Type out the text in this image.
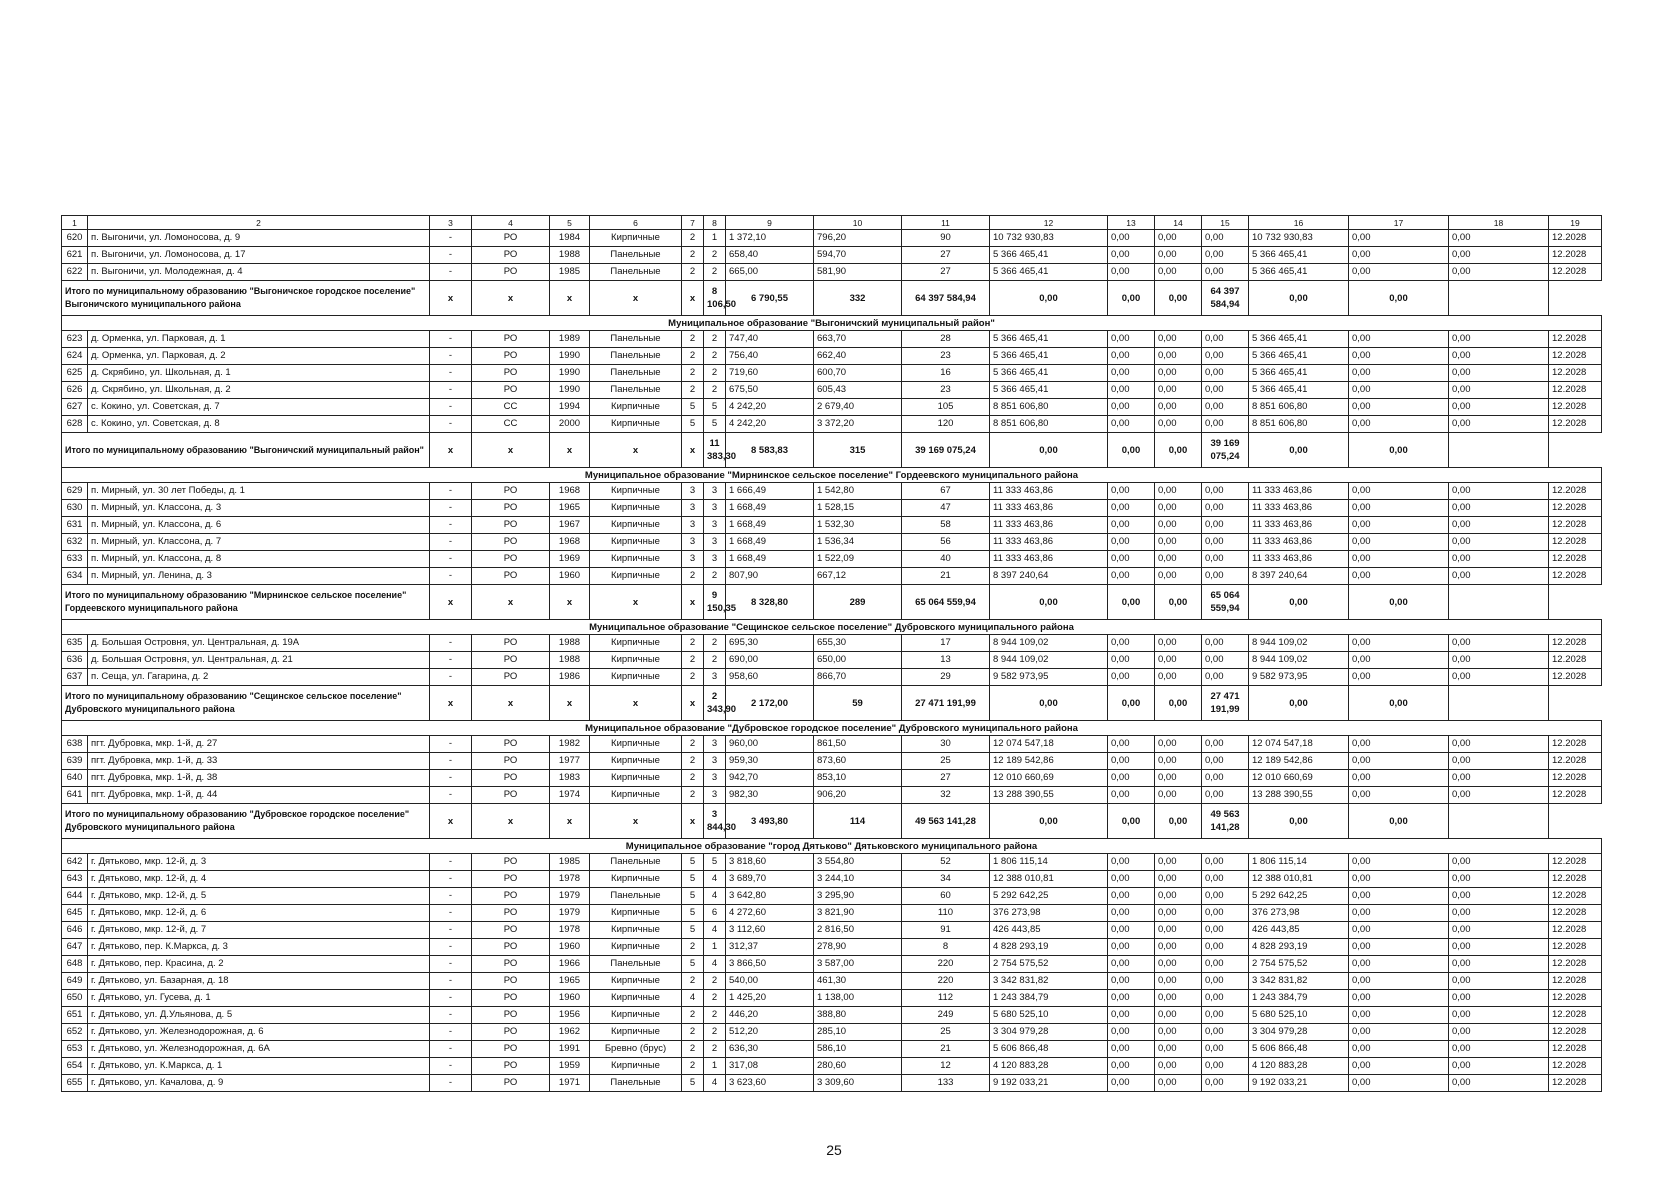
1	2	3	4	5	6	7	8	9	10	11	12	13	14	15	16	17	18	19
620	п. Выгоничи, ул. Ломоносова, д. 9	-	РО	1984	Кирпичные	2	1	1 372,10	796,20	90	10 732 930,83	0,00	0,00	0,00	10 732 930,83	0,00	0,00	12.2028
621	п. Выгоничи, ул. Ломоносова, д. 17	-	РО	1988	Панельные	2	2	658,40	594,70	27	5 366 465,41	0,00	0,00	0,00	5 366 465,41	0,00	0,00	12.2028
622	п. Выгоничи, ул. Молодежная, д. 4	-	РО	1985	Панельные	2	2	665,00	581,90	27	5 366 465,41	0,00	0,00	0,00	5 366 465,41	0,00	0,00	12.2028
Итого по муниципальному образованию "Выгоничское городское поселение" Выгоничского муниципального района		x	x	x	x	x	8 106,50	6 790,55	332	64 397 584,94	0,00	0,00	0,00	64 397 584,94	0,00	0,00		
Муниципальное образование "Выгоничский муниципальный район"																		
623	д. Орменка, ул. Парковая, д. 1	-	РО	1989	Панельные	2	2	747,40	663,70	28	5 366 465,41	0,00	0,00	0,00	5 366 465,41	0,00	0,00	12.2028
624	д. Орменка, ул. Парковая, д. 2	-	РО	1990	Панельные	2	2	756,40	662,40	23	5 366 465,41	0,00	0,00	0,00	5 366 465,41	0,00	0,00	12.2028
625	д. Скрябино, ул. Школьная, д. 1	-	РО	1990	Панельные	2	2	719,60	600,70	16	5 366 465,41	0,00	0,00	0,00	5 366 465,41	0,00	0,00	12.2028
626	д. Скрябино, ул. Школьная, д. 2	-	РО	1990	Панельные	2	2	675,50	605,43	23	5 366 465,41	0,00	0,00	0,00	5 366 465,41	0,00	0,00	12.2028
627	с. Кокино, ул. Советская, д. 7	-	СС	1994	Кирпичные	5	5	4 242,20	2 679,40	105	8 851 606,80	0,00	0,00	0,00	8 851 606,80	0,00	0,00	12.2028
628	с. Кокино, ул. Советская, д. 8	-	СС	2000	Кирпичные	5	5	4 242,20	3 372,20	120	8 851 606,80	0,00	0,00	0,00	8 851 606,80	0,00	0,00	12.2028
Итого по муниципальному образованию "Выгоничский муниципальный район"		x	x	x	x	x	11 383,30	8 583,83	315	39 169 075,24	0,00	0,00	0,00	39 169 075,24	0,00	0,00		
Муниципальное образование "Мирнинское сельское поселение" Гордеевского муниципального района																		
629	п. Мирный, ул. 30 лет Победы, д. 1	-	РО	1968	Кирпичные	3	3	1 666,49	1 542,80	67	11 333 463,86	0,00	0,00	0,00	11 333 463,86	0,00	0,00	12.2028
630	п. Мирный, ул. Классона, д. 3	-	РО	1965	Кирпичные	3	3	1 668,49	1 528,15	47	11 333 463,86	0,00	0,00	0,00	11 333 463,86	0,00	0,00	12.2028
631	п. Мирный, ул. Классона, д. 6	-	РО	1967	Кирпичные	3	3	1 668,49	1 532,30	58	11 333 463,86	0,00	0,00	0,00	11 333 463,86	0,00	0,00	12.2028
632	п. Мирный, ул. Классона, д. 7	-	РО	1968	Кирпичные	3	3	1 668,49	1 536,34	56	11 333 463,86	0,00	0,00	0,00	11 333 463,86	0,00	0,00	12.2028
633	п. Мирный, ул. Классона, д. 8	-	РО	1969	Кирпичные	3	3	1 668,49	1 522,09	40	11 333 463,86	0,00	0,00	0,00	11 333 463,86	0,00	0,00	12.2028
634	п. Мирный, ул. Ленина, д. 3	-	РО	1960	Кирпичные	2	2	807,90	667,12	21	8 397 240,64	0,00	0,00	0,00	8 397 240,64	0,00	0,00	12.2028
Итого по муниципальному образованию "Мирнинское сельское поселение" Гордеевского муниципального района		x	x	x	x	x	9 150,35	8 328,80	289	65 064 559,94	0,00	0,00	0,00	65 064 559,94	0,00	0,00		
Муниципальное образование "Сещинское сельское поселение" Дубровского муниципального района																		
635	д. Большая Островня, ул. Центральная, д. 19А	-	РО	1988	Кирпичные	2	2	695,30	655,30	17	8 944 109,02	0,00	0,00	0,00	8 944 109,02	0,00	0,00	12.2028
636	д. Большая Островня, ул. Центральная, д. 21	-	РО	1988	Кирпичные	2	2	690,00	650,00	13	8 944 109,02	0,00	0,00	0,00	8 944 109,02	0,00	0,00	12.2028
637	п. Сеща, ул. Гагарина, д. 2	-	РО	1986	Кирпичные	2	3	958,60	866,70	29	9 582 973,95	0,00	0,00	0,00	9 582 973,95	0,00	0,00	12.2028
Итого по муниципальному образованию "Сещинское сельское поселение" Дубровского муниципального района		x	x	x	x	x	2 343,90	2 172,00	59	27 471 191,99	0,00	0,00	0,00	27 471 191,99	0,00	0,00		
Муниципальное образование "Дубровское городское поселение" Дубровского муниципального района																		
638	пгт. Дубровка, мкр. 1-й, д. 27	-	РО	1982	Кирпичные	2	3	960,00	861,50	30	12 074 547,18	0,00	0,00	0,00	12 074 547,18	0,00	0,00	12.2028
639	пгт. Дубровка, мкр. 1-й, д. 33	-	РО	1977	Кирпичные	2	3	959,30	873,60	25	12 189 542,86	0,00	0,00	0,00	12 189 542,86	0,00	0,00	12.2028
640	пгт. Дубровка, мкр. 1-й, д. 38	-	РО	1983	Кирпичные	2	3	942,70	853,10	27	12 010 660,69	0,00	0,00	0,00	12 010 660,69	0,00	0,00	12.2028
641	пгт. Дубровка, мкр. 1-й, д. 44	-	РО	1974	Кирпичные	2	3	982,30	906,20	32	13 288 390,55	0,00	0,00	0,00	13 288 390,55	0,00	0,00	12.2028
Итого по муниципальному образованию "Дубровское городское поселение" Дубровского муниципального района		x	x	x	x	x	3 844,30	3 493,80	114	49 563 141,28	0,00	0,00	0,00	49 563 141,28	0,00	0,00		
Муниципальное образование "город Дятьково" Дятьковского муниципального района																		
642	г. Дятьково, мкр. 12-й, д. 3	-	РО	1985	Панельные	5	5	3 818,60	3 554,80	52	1 806 115,14	0,00	0,00	0,00	1 806 115,14	0,00	0,00	12.2028
643	г. Дятьково, мкр. 12-й, д. 4	-	РО	1978	Кирпичные	5	4	3 689,70	3 244,10	34	12 388 010,81	0,00	0,00	0,00	12 388 010,81	0,00	0,00	12.2028
644	г. Дятьково, мкр. 12-й, д. 5	-	РО	1979	Панельные	5	4	3 642,80	3 295,90	60	5 292 642,25	0,00	0,00	0,00	5 292 642,25	0,00	0,00	12.2028
645	г. Дятьково, мкр. 12-й, д. 6	-	РО	1979	Кирпичные	5	6	4 272,60	3 821,90	110	376 273,98	0,00	0,00	0,00	376 273,98	0,00	0,00	12.2028
646	г. Дятьково, мкр. 12-й, д. 7	-	РО	1978	Кирпичные	5	4	3 112,60	2 816,50	91	426 443,85	0,00	0,00	0,00	426 443,85	0,00	0,00	12.2028
647	г. Дятьково, пер. К.Маркса, д. 3	-	РО	1960	Кирпичные	2	1	312,37	278,90	8	4 828 293,19	0,00	0,00	0,00	4 828 293,19	0,00	0,00	12.2028
648	г. Дятьково, пер. Красина, д. 2	-	РО	1966	Панельные	5	4	3 866,50	3 587,00	220	2 754 575,52	0,00	0,00	0,00	2 754 575,52	0,00	0,00	12.2028
649	г. Дятьково, ул. Базарная, д. 18	-	РО	1965	Кирпичные	2	2	540,00	461,30	220	3 342 831,82	0,00	0,00	0,00	3 342 831,82	0,00	0,00	12.2028
650	г. Дятьково, ул. Гусева, д. 1	-	РО	1960	Кирпичные	4	2	1 425,20	1 138,00	112	1 243 384,79	0,00	0,00	0,00	1 243 384,79	0,00	0,00	12.2028
651	г. Дятьково, ул. Д.Ульянова, д. 5	-	РО	1956	Кирпичные	2	2	446,20	388,80	249	5 680 525,10	0,00	0,00	0,00	5 680 525,10	0,00	0,00	12.2028
652	г. Дятьково, ул. Железнодорожная, д. 6	-	РО	1962	Кирпичные	2	2	512,20	285,10	25	3 304 979,28	0,00	0,00	0,00	3 304 979,28	0,00	0,00	12.2028
653	г. Дятьково, ул. Железнодорожная, д. 6А	-	РО	1991	Бревно (брус)	2	2	636,30	586,10	21	5 606 866,48	0,00	0,00	0,00	5 606 866,48	0,00	0,00	12.2028
654	г. Дятьково, ул. К.Маркса, д. 1	-	РО	1959	Кирпичные	2	1	317,08	280,60	12	4 120 883,28	0,00	0,00	0,00	4 120 883,28	0,00	0,00	12.2028
655	г. Дятьково, ул. Качалова, д. 9	-	РО	1971	Панельные	5	4	3 623,60	3 309,60	133	9 192 033,21	0,00	0,00	0,00	9 192 033,21	0,00	0,00	12.2028
25
